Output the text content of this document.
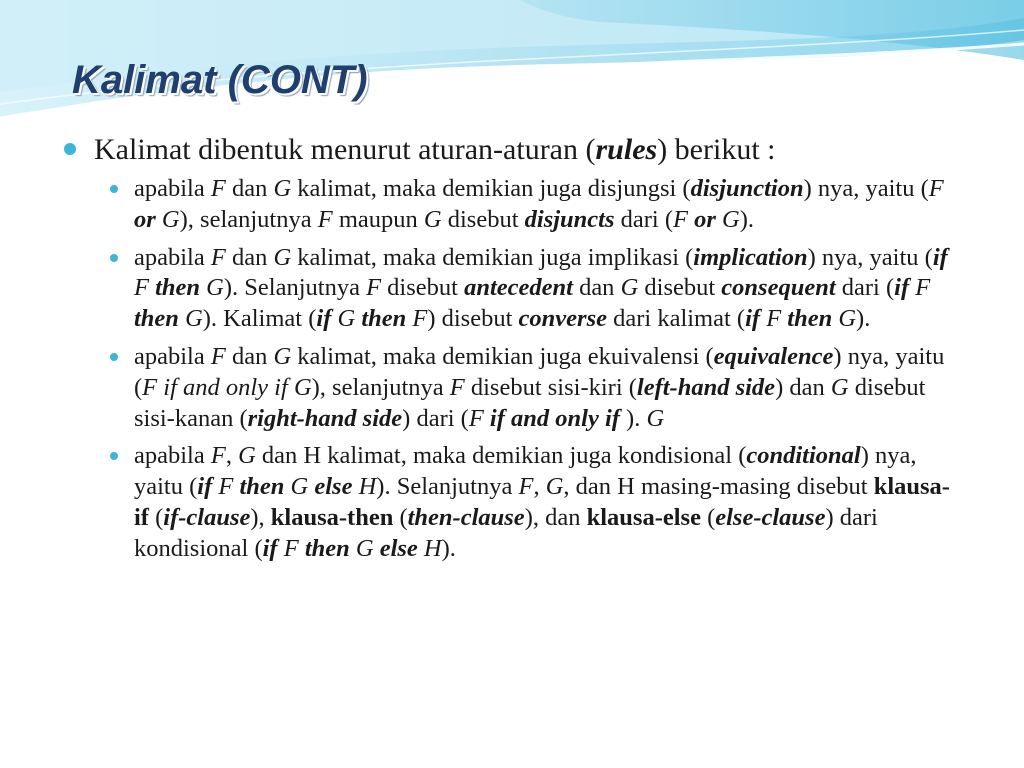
Kalimat (CONT)
Kalimat dibentuk menurut aturan-aturan (rules) berikut :

apabila F dan G kalimat, maka demikian juga disjungsi (disjunction) nya, yaitu (F or G), selanjutnya F maupun G disebut disjuncts dari (F or G).

apabila F dan G kalimat, maka demikian juga implikasi (implication) nya, yaitu (if F then G). Selanjutnya F disebut antecedent dan G disebut consequent dari (if F then G). Kalimat (if G then F) disebut converse dari kalimat (if F then G).

apabila F dan G kalimat, maka demikian juga ekuivalensi (equivalence) nya, yaitu (F if and only if G), selanjutnya F disebut sisi-kiri (left-hand side) dan G disebut sisi-kanan (right-hand side) dari (F if and only if ). G

apabila F, G dan H kalimat, maka demikian juga kondisional (conditional) nya, yaitu (if F then G else H). Selanjutnya F, G, dan H masing-masing disebut klausa-if (if-clause), klausa-then (then-clause), dan klausa-else (else-clause) dari kondisional (if F then G else H).
